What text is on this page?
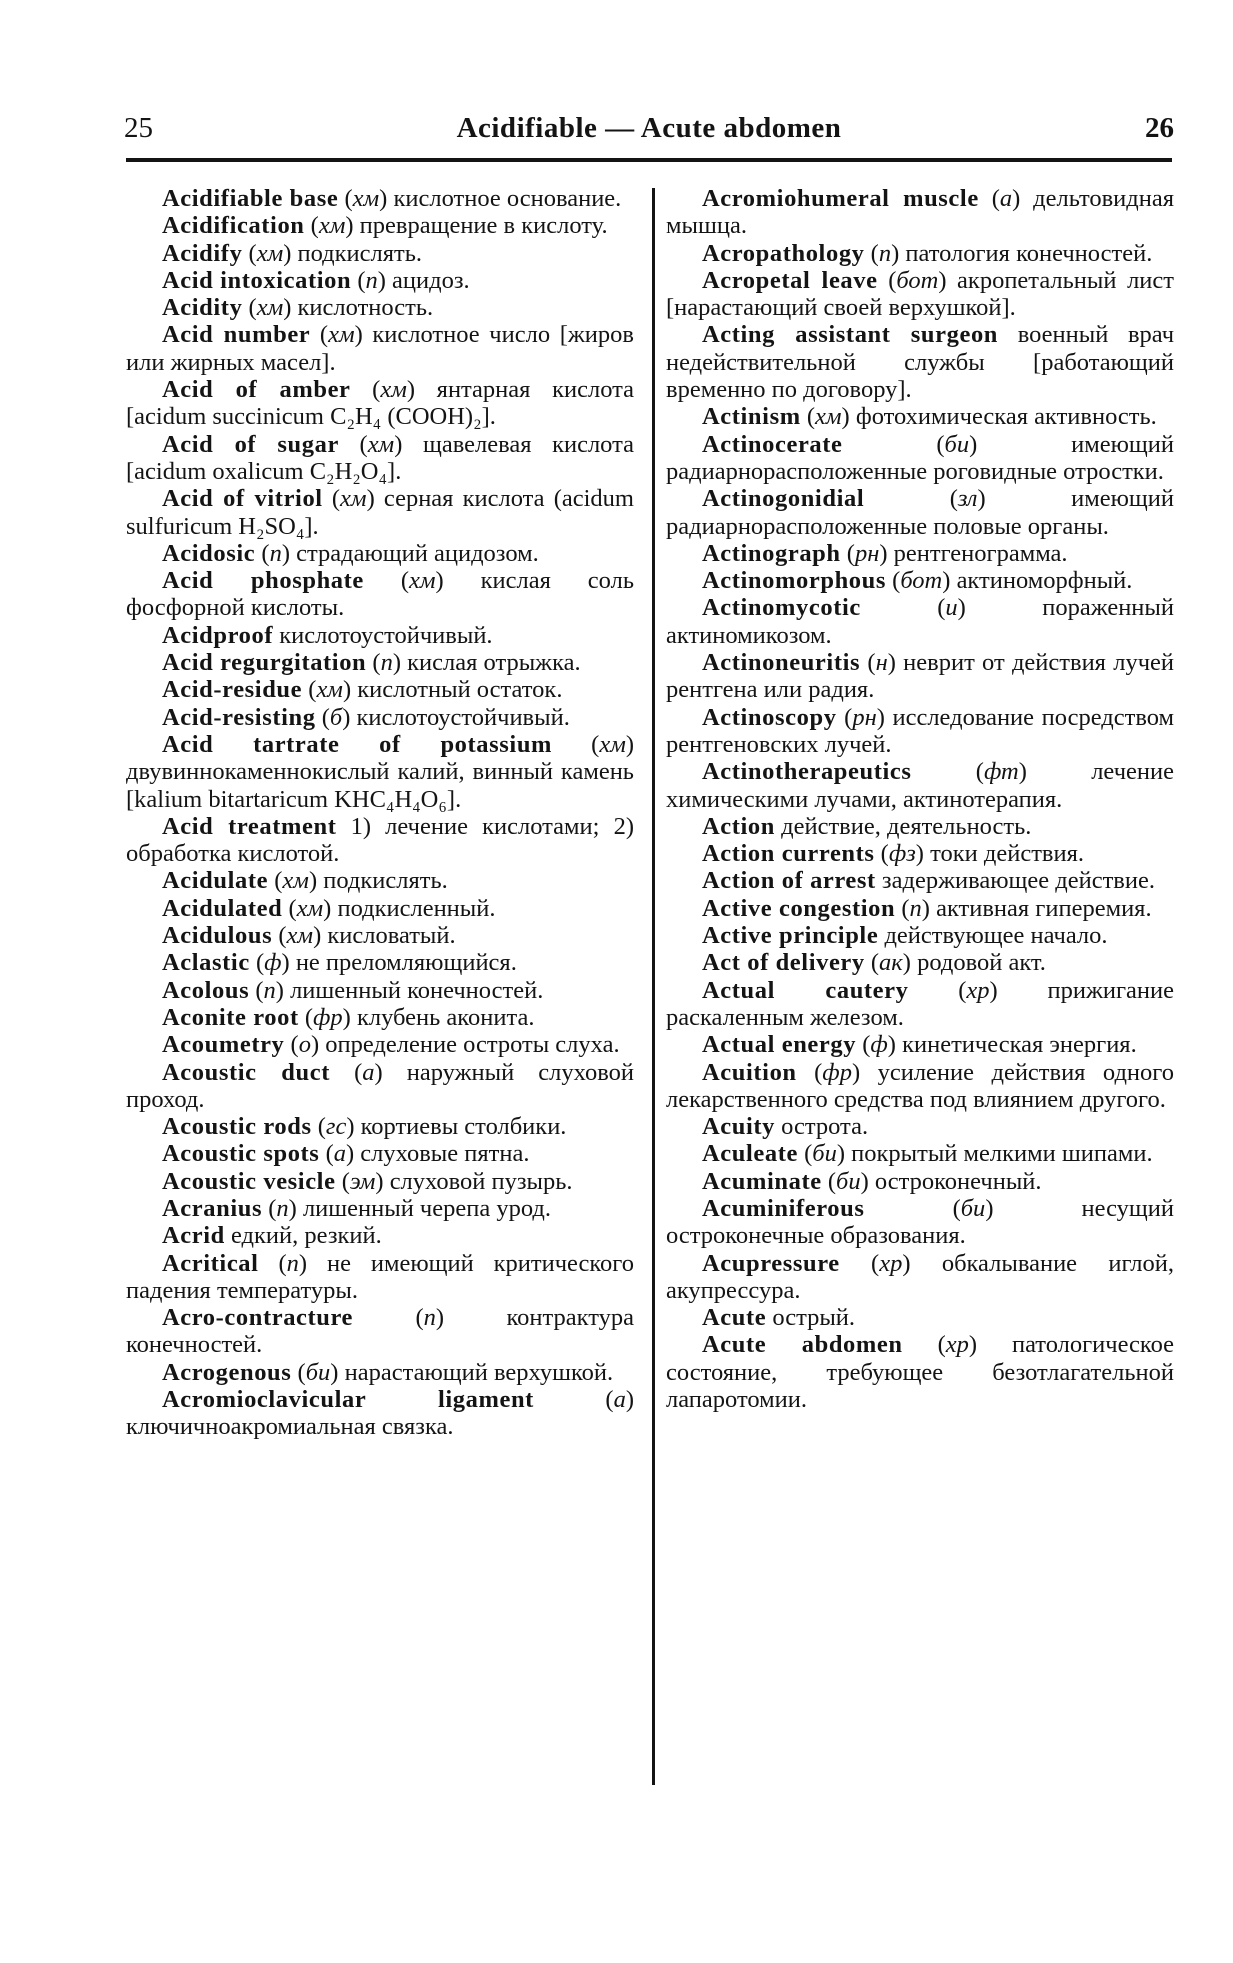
25	Acidifiable — Acute abdomen	26

Acidifiable base (хм) кислотное основание.

Acidification (хм) превращение в кислоту.

Acidify (хм) подкислять.

Acid intoxication (п) ацидоз.

Acidity (хм) кислотность.

Acid number (хм) кислотное число [жиров или жирных масел].

Acid of amber (хм) янтарная кислота [acidum succinicum C₂H₄ (COOH)₂].

Acid of sugar (хм) щавелевая кислота [acidum oxalicum C₂H₂O₄].

Acid of vitriol (хм) серная кислота (acidum sulfuricum H₂SO₄].

Acidosic (п) страдающий ацидозом.

Acid phosphate (хм) кислая соль фосфорной кислоты.

Acidproof кислотоустойчивый.

Acid regurgitation (п) кислая отрыжка.

Acid-residue (хм) кислотный остаток.

Acid-resisting (б) кислотоустойчивый.

Acid tartrate of potassium (хм) двувиннокаменнокислый калий, винный камень [kalium bitartaricum KHC₄H₄O₆].

Acid treatment 1) лечение кислотами; 2) обработка кислотой.

Acidulate (хм) подкислять.

Acidulated (хм) подкисленный.

Acidulous (хм) кисловатый.

Aclastic (ф) не преломляющийся.

Acolous (п) лишенный конечностей.

Aconite root (фр) клубень аконита.

Acoumetry (о) определение остроты слуха.

Acoustic duct (а) наружный слуховой проход.

Acoustic rods (гс) кортиевы столбики.

Acoustic spots (а) слуховые пятна.

Acoustic vesicle (эм) слуховой пузырь.

Acranius (п) лишенный черепа урод.

Acrid едкий, резкий.

Acritical (п) не имеющий критического падения температуры.

Acro-contracture	(п) контрактура конечностей.

Acrogenous (би) нарастающий верхушкой.

Acromioclavicular ligament	(а) ключичноакромиальная связка.

Acromiohumeral muscle (а) дельтовидная мышца.

Acropathology (п) патология конечностей.

Acropetal leave (бот) акропетальный лист [нарастающий своей верхушкой].

Acting assistant surgeon военный врач недействительной службы [работающий временно по договору].

Actinism (хм) фотохимическая активность.

Actinocerate	(би) имеющий радиарнорасположенные роговидные отростки.

Actinogonidial	(зл) имеющий радиарнорасположенные половые органы.

Actinograph (рн) рентгенограмма.

Actinomorphous (бот) актиноморфный.

Actinomycotic	(и) пораженный актиномикозом.

Actinoneuritis (н) неврит от действия лучей рентгена или радия.

Actinoscopy (рн) исследование посредством рентгеновских лучей.

Actinotherapeutics	(фт) лечение химическими лучами, актинотерапия.

Action действие, деятельность.

Action currents (фз) токи действия.

Action of arrest задерживающее действие.

Active congestion (п) активная гиперемия.

Active principle действующее начало.

Act of delivery (ак) родовой акт.

Actual cautery (хр) прижигание раскаленным железом.

Actual energy (ф) кинетическая энергия.

Acuition (фр) усиление действия одного лекарственного средства под влиянием другого.

Acuity острота.

Aculeate (би) покрытый мелкими шипами.

Acuminate (би) остроконечный.

Acuminiferous	(би) несущий остроконечные образования.

Acupressure (хр) обкалывание иглой, акупрессура.

Acute острый.

Acute abdomen (хр) патологическое состояние, требующее безотлагательной лапаротомии.
